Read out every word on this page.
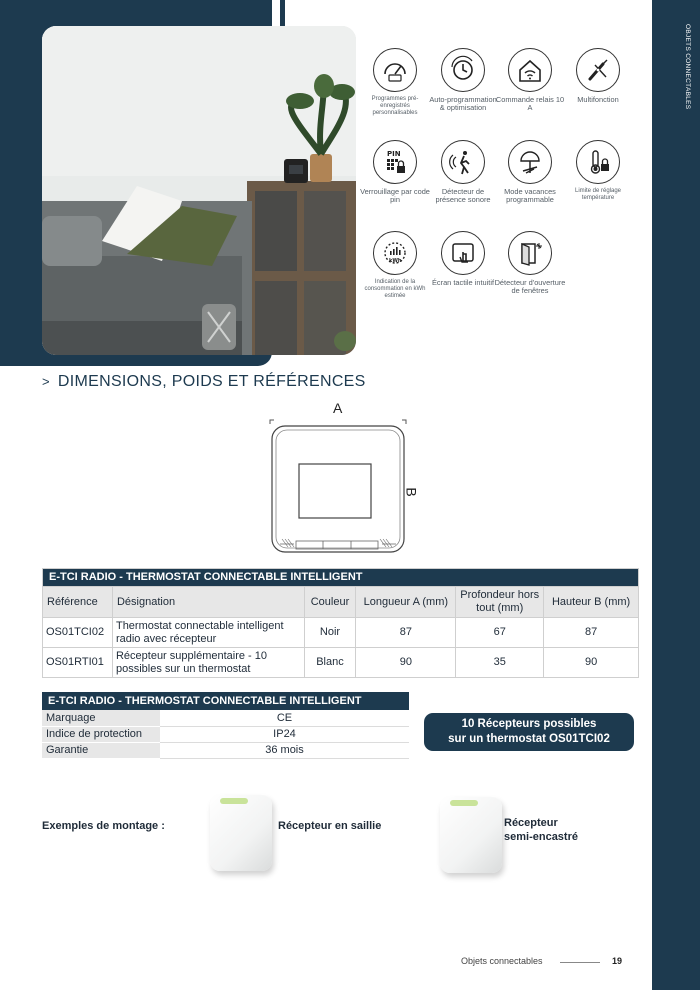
OBJETS CONNECTABLES
Programmes pré-enregistrés personnalisables
Auto-programmation & optimisation
Commande relais 10 A
Multifonction
PIN
Verrouillage par code pin
Détecteur de présence sonore
Mode vacances programmable
Limite de réglage température
kWh
Indication de la consommation en kWh estimée
Écran tactile intuitif Détecteur d'ouverture de fenêtres
> DIMENSIONS, POIDS ET RÉFÉRENCES
A
B
E-TCI RADIO - THERMOSTAT CONNECTABLE INTELLIGENT					
Référence	Désignation	Couleur	Longueur A (mm)	Profondeur hors tout (mm)	Hauteur B (mm)
OS01TCI02	Thermostat connectable intelligent radio avec récepteur	Noir	87	67	87
OS01RTI01	Récepteur supplémentaire - 10 possibles sur un thermostat	Blanc	90	35	90
E-TCI RADIO - THERMOSTAT CONNECTABLE INTELLIGENT	
Marquage	CE
Indice de protection	IP24
Garantie	36 mois
10 Récepteurs possibles
sur un thermostat OS01TCI02
Exemples de montage :	Récepteur en saillie	Récepteur
semi-encastré
Objets connectables	19
